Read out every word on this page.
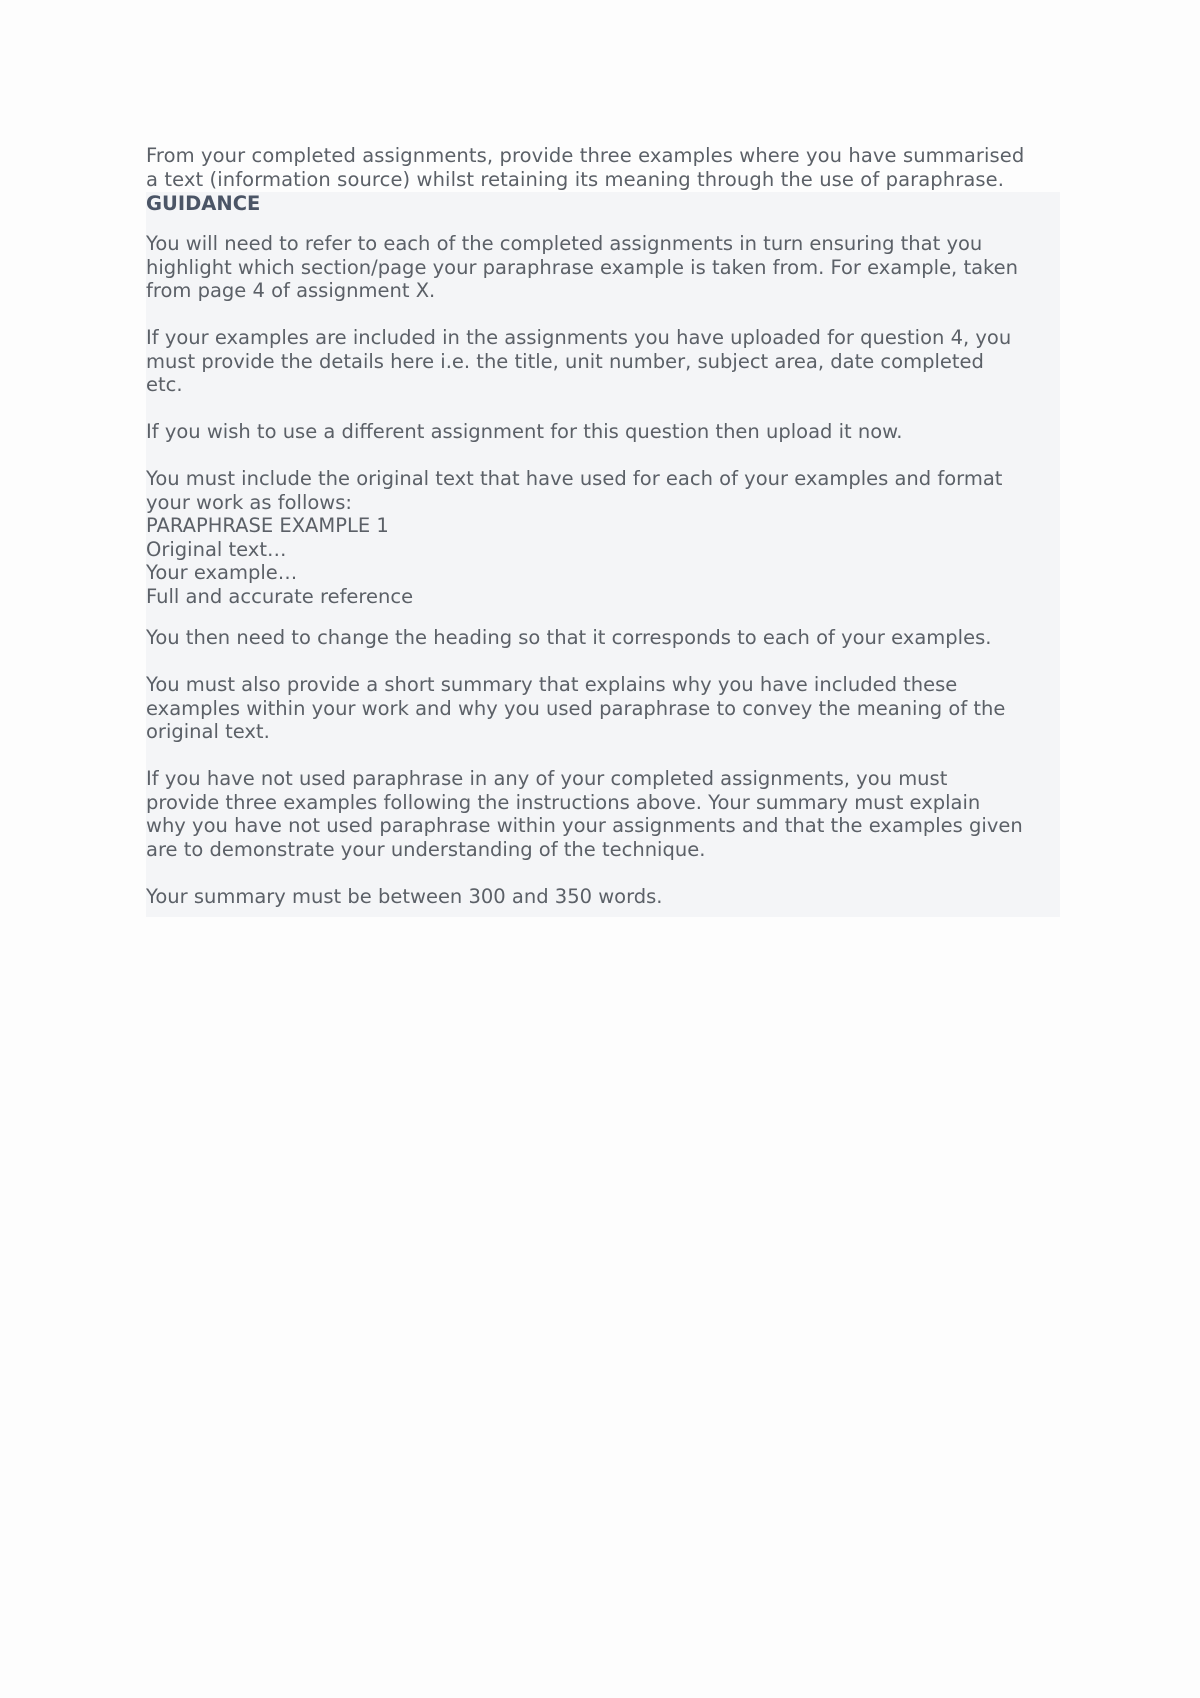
From your completed assignments, provide three examples where you have summarised
a text (information source) whilst retaining its meaning through the use of paraphrase.
GUIDANCE
You will need to refer to each of the completed assignments in turn ensuring that you
highlight which section/page your paraphrase example is taken from. For example, taken
from page 4 of assignment X.
If your examples are included in the assignments you have uploaded for question 4, you
must provide the details here i.e. the title, unit number, subject area, date completed
etc.
If you wish to use a different assignment for this question then upload it now.
You must include the original text that have used for each of your examples and format
your work as follows:
PARAPHRASE EXAMPLE 1
Original text…
Your example…
Full and accurate reference
You then need to change the heading so that it corresponds to each of your examples.
You must also provide a short summary that explains why you have included these
examples within your work and why you used paraphrase to convey the meaning of the
original text.
If you have not used paraphrase in any of your completed assignments, you must
provide three examples following the instructions above. Your summary must explain
why you have not used paraphrase within your assignments and that the examples given
are to demonstrate your understanding of the technique.
Your summary must be between 300 and 350 words.
